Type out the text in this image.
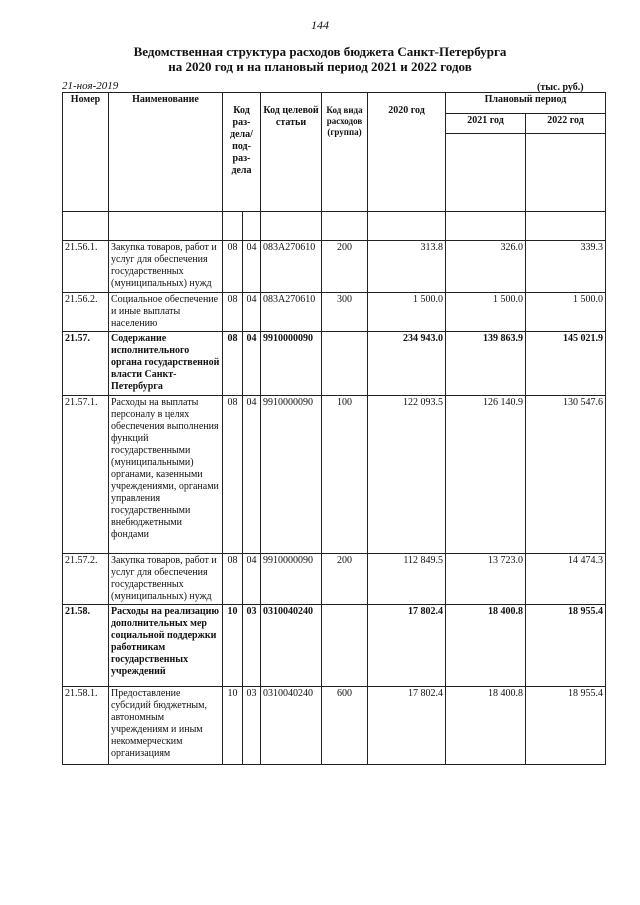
144
Ведомственная структура расходов бюджета Санкт-Петербурга
на 2020 год и на плановый период 2021 и 2022 годов
21-ноя-2019	(тыс. руб.)
Номер	Наименование	Код раз-дела/ под-раз-дела		Код целевой статьи	Код вида расходов (группа)	2020 год	Плановый период	
							2021 год	2022 год

21.56.1.	Закупка товаров, работ и услуг для обеспечения государственных (муниципальных) нужд	08	04	083А270610	200	313.8	326.0	339.3
21.56.2.	Социальное обеспечение и иные выплаты населению	08	04	083А270610	300	1 500.0	1 500.0	1 500.0
21.57.	Содержание исполнительного органа государственной власти Санкт-Петербурга	08	04	9910000090		234 943.0	139 863.9	145 021.9
21.57.1.	Расходы на выплаты персоналу в целях обеспечения выполнения функций государственными (муниципальными) органами, казенными учреждениями, органами управления государственными внебюджетными фондами	08	04	9910000090	100	122 093.5	126 140.9	130 547.6
21.57.2.	Закупка товаров, работ и услуг для обеспечения государственных (муниципальных) нужд	08	04	9910000090	200	112 849.5	13 723.0	14 474.3
21.58.	Расходы на реализацию дополнительных мер социальной поддержки работникам государственных учреждений	10	03	0310040240		17 802.4	18 400.8	18 955.4
21.58.1.	Предоставление субсидий бюджетным, автономным учреждениям и иным некоммерческим организациям	10	03	0310040240	600	17 802.4	18 400.8	18 955.4
